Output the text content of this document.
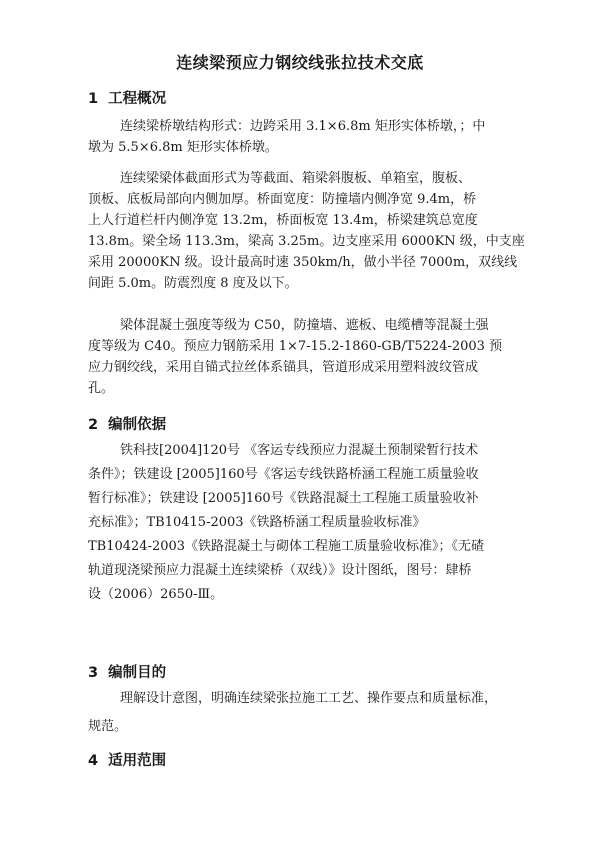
连续梁预应力钢绞线张拉技术交底
1 工程概况

连续梁桥墩结构形式：边跨采用 3.1×6.8m 矩形实体桥墩，；中
墩为 5.5×6.8m 矩形实体桥墩。

连续梁梁体截面形式为等截面、箱梁斜腹板、单箱室，腹板、
顶板、底板局部向内侧加厚。桥面宽度：防撞墙内侧净宽 9.4m，桥
上人行道栏杆内侧净宽 13.2m，桥面板宽 13.4m，桥梁建筑总宽度
13.8m。梁全场 113.3m，梁高 3.25m。边支座采用 6000KN 级，中支座
采用 20000KN 级。设计最高时速 350km/h，做小半径 7000m，双线线
间距 5.0m。防震烈度 8 度及以下。

梁体混凝土强度等级为 C50，防撞墙、遮板、电缆槽等混凝土强
度等级为 C40。预应力钢筋采用 1×7-15.2-1860-GB/T5224-2003 预
应力钢绞线，采用自锚式拉丝体系锚具，管道形成采用塑料波纹管成
孔。

2 编制依据

铁科技[2004]120号 《客运专线预应力混凝土预制梁暂行技术
条件》；铁建设 [2005]160号《客运专线铁路桥涵工程施工质量验收
暂行标准》；铁建设 [2005]160号《铁路混凝土工程施工质量验收补
充标准》；TB10415-2003《铁路桥涵工程质量验收标准》
TB10424-2003《铁路混凝土与砌体工程施工质量验收标准》；《无碴
轨道现浇梁预应力混凝土连续梁桥（双线）》设计图纸，图号：肆桥
设（2006）2650-Ⅲ。

3 编制目的

理解设计意图，明确连续梁张拉施工工艺、操作要点和质量标准，
规范。

4 适用范围
